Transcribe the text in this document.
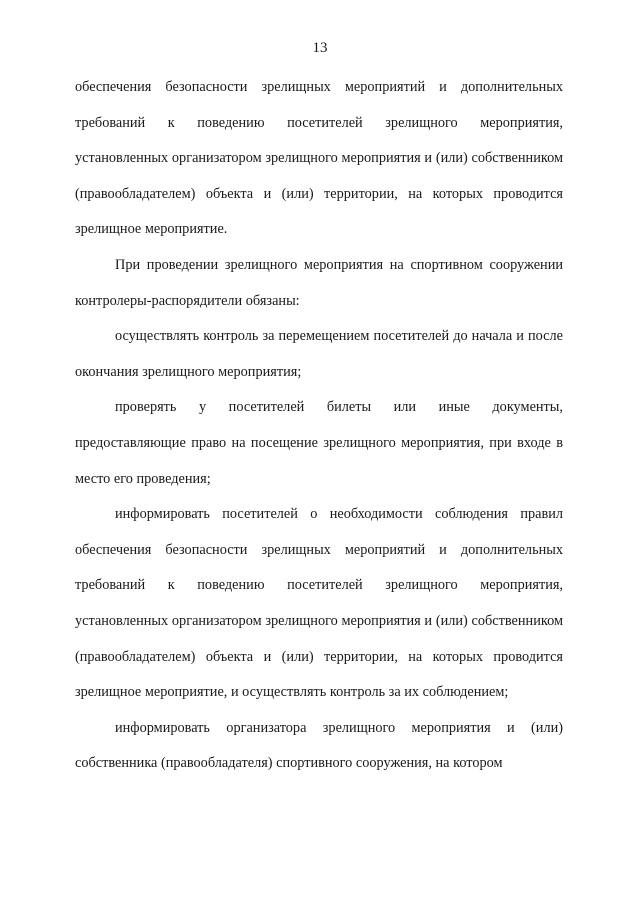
13

обеспечения безопасности зрелищных мероприятий и дополнительных требований к поведению посетителей зрелищного мероприятия, установленных организатором зрелищного мероприятия и (или) собственником (правообладателем) объекта и (или) территории, на которых проводится зрелищное мероприятие.

При проведении зрелищного мероприятия на спортивном сооружении контролеры-распорядители обязаны:

осуществлять контроль за перемещением посетителей до начала и после окончания зрелищного мероприятия;

проверять у посетителей билеты или иные документы, предоставляющие право на посещение зрелищного мероприятия, при входе в место его проведения;

информировать посетителей о необходимости соблюдения правил обеспечения безопасности зрелищных мероприятий и дополнительных требований к поведению посетителей зрелищного мероприятия, установленных организатором зрелищного мероприятия и (или) собственником (правообладателем) объекта и (или) территории, на которых проводится зрелищное мероприятие, и осуществлять контроль за их соблюдением;

информировать организатора зрелищного мероприятия и (или) собственника (правообладателя) спортивного сооружения, на котором
